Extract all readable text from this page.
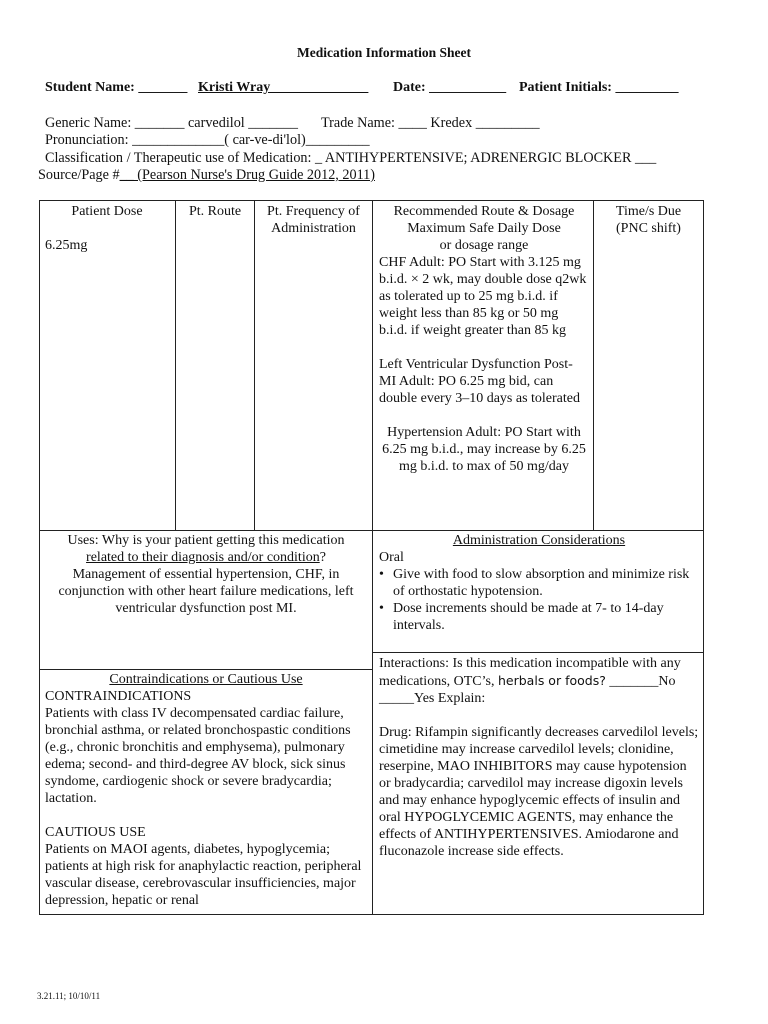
Medication Information Sheet
Student Name: _______ Kristi Wray______________ Date: ___________ Patient Initials: _________
Generic Name: _______ carvedilol _______ Trade Name: ____ Kredex _________
Pronunciation: _____________( car-ve-di'lol)_________
Classification / Therapeutic use of Medication: _ ANTIHYPERTENSIVE; ADRENERGIC BLOCKER ___
Source/Page #__ (Pearson Nurse's Drug Guide 2012, 2011)

Patient Dose

6.25mg

Pt. Route	Pt. Frequency of

Administration

Recommended Route & Dosage

Maximum Safe Daily Dose

or dosage range

CHF Adult: PO Start with 3.125 mg b.i.d. × 2 wk, may double dose q2wk as tolerated up to 25 mg b.i.d. if weight less than 85 kg or 50 mg b.i.d. if weight greater than 85 kg

Left Ventricular Dysfunction Post-MI Adult: PO 6.25 mg bid, can double every 3–10 days as tolerated

Hypertension Adult: PO Start with 6.25 mg b.i.d., may increase by 6.25 mg b.i.d. to max of 50 mg/day

Time/s Due

(PNC shift)

Uses: Why is your patient getting this medication

related to their diagnosis and/or condition?

Management of essential hypertension, CHF, in conjunction with other heart failure medications, left ventricular dysfunction post MI.

Administration Considerations

Oral

• Give with food to slow absorption and minimize risk of orthostatic hypotension.
• Dose increments should be made at 7- to 14-day intervals.

Contraindications or Cautious Use

CONTRAINDICATIONS

Patients with class IV decompensated cardiac failure, bronchial asthma, or related bronchospastic conditions (e.g., chronic bronchitis and emphysema), pulmonary edema; second- and third-degree AV block, sick sinus syndome, cardiogenic shock or severe bradycardia; lactation.

CAUTIOUS USE

Patients on MAOI agents, diabetes, hypoglycemia; patients at high risk for anaphylactic reaction, peripheral vascular disease, cerebrovascular insufficiencies, major depression, hepatic or renal

Interactions: Is this medication incompatible with any

medications, OTC’s, herbals or foods? _______No

_____Yes Explain:

Drug: Rifampin significantly decreases carvedilol levels; cimetidine may increase carvedilol levels; clonidine, reserpine, MAO INHIBITORS may cause hypotension or bradycardia; carvedilol may increase digoxin levels and may enhance hypoglycemic effects of insulin and oral HYPOGLYCEMIC AGENTS, may enhance the effects of ANTIHYPERTENSIVES. Amiodarone and fluconazole increase side effects.

3.21.11; 10/10/11
